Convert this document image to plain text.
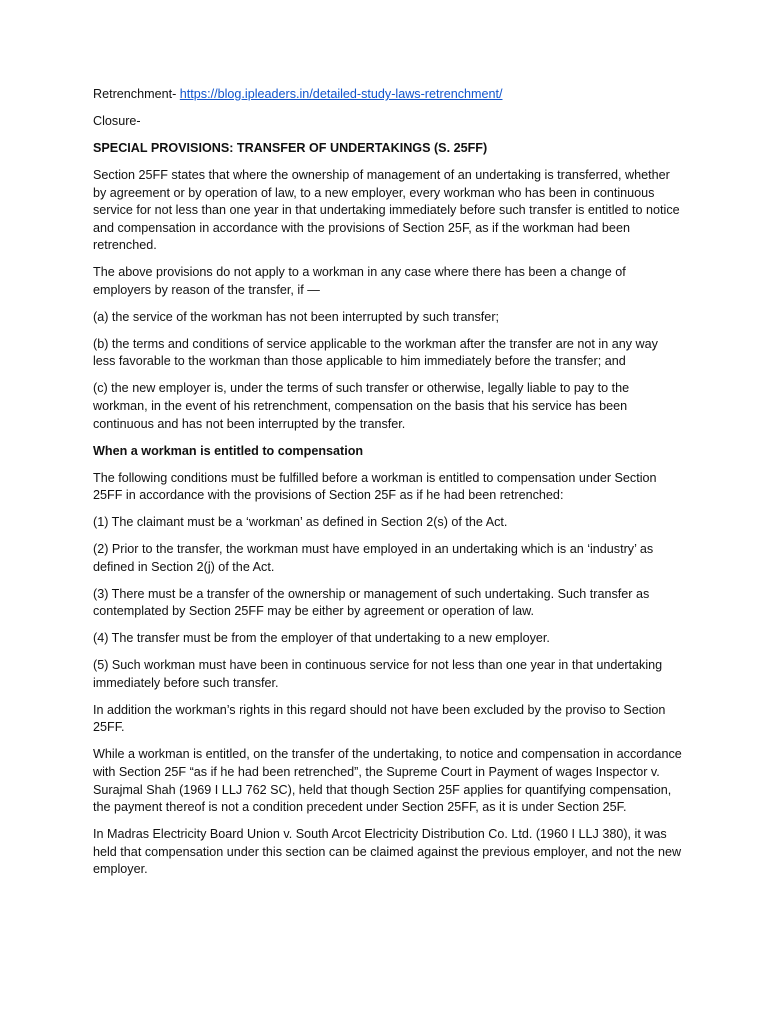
Retrenchment- https://blog.ipleaders.in/detailed-study-laws-retrenchment/

Closure-

SPECIAL PROVISIONS: TRANSFER OF UNDERTAKINGS (S. 25FF)

Section 25FF states that where the ownership of management of an undertaking is transferred, whether by agreement or by operation of law, to a new employer, every workman who has been in continuous service for not less than one year in that undertaking immediately before such transfer is entitled to notice and compensation in accordance with the provisions of Section 25F, as if the workman had been retrenched.

The above provisions do not apply to a workman in any case where there has been a change of employers by reason of the transfer, if —

(a) the service of the workman has not been interrupted by such transfer;

(b) the terms and conditions of service applicable to the workman after the transfer are not in any way less favorable to the workman than those applicable to him immediately before the transfer; and

(c) the new employer is, under the terms of such transfer or otherwise, legally liable to pay to the workman, in the event of his retrenchment, compensation on the basis that his service has been continuous and has not been interrupted by the transfer.

When a workman is entitled to compensation

The following conditions must be fulfilled before a workman is entitled to compensation under Section 25FF in accordance with the provisions of Section 25F as if he had been retrenched:

(1) The claimant must be a ‘workman’ as defined in Section 2(s) of the Act.

(2) Prior to the transfer, the workman must have employed in an undertaking which is an ‘industry’ as defined in Section 2(j) of the Act.

(3) There must be a transfer of the ownership or management of such undertaking. Such transfer as contemplated by Section 25FF may be either by agreement or operation of law.

(4) The transfer must be from the employer of that undertaking to a new employer.

(5) Such workman must have been in continuous service for not less than one year in that undertaking immediately before such transfer.

In addition the workman’s rights in this regard should not have been excluded by the proviso to Section 25FF.

While a workman is entitled, on the transfer of the undertaking, to notice and compensation in accordance with Section 25F “as if he had been retrenched”, the Supreme Court in Payment of wages Inspector v. Surajmal Shah (1969 I LLJ 762 SC), held that though Section 25F applies for quantifying compensation, the payment thereof is not a condition precedent under Section 25FF, as it is under Section 25F.

In Madras Electricity Board Union v. South Arcot Electricity Distribution Co. Ltd. (1960 I LLJ 380), it was held that compensation under this section can be claimed against the previous employer, and not the new employer.
